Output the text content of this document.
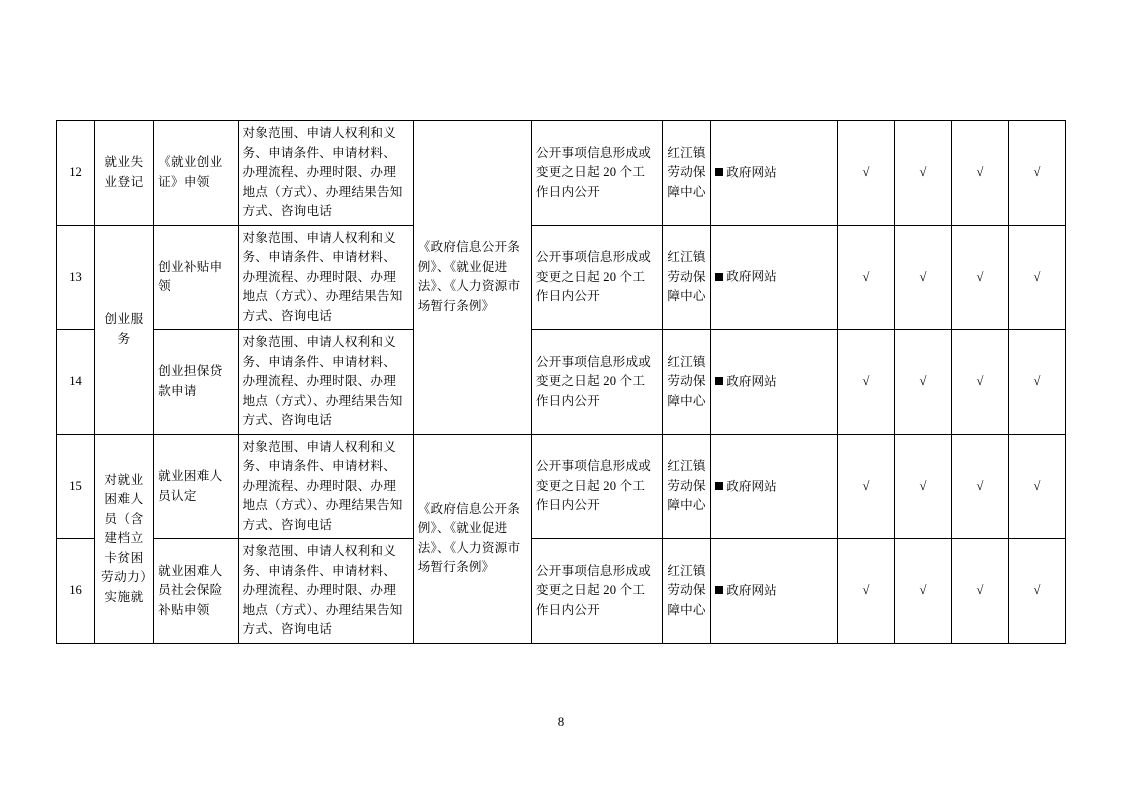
12	就业失业登记	《就业创业证》申领	对象范围、申请人权利和义务、申请条件、申请材料、办理流程、办理时限、办理地点（方式）、办理结果告知方式、咨询电话	《政府信息公开条例》、《就业促进法》、《人力资源市场暂行条例》	公开事项信息形成或变更之日起 20 个工作日内公开	红江镇劳动保障中心	政府网站	√	√	√	√
13	创业服务	创业补贴申领	对象范围、申请人权利和义务、申请条件、申请材料、办理流程、办理时限、办理地点（方式）、办理结果告知方式、咨询电话		公开事项信息形成或变更之日起 20 个工作日内公开	红江镇劳动保障中心	政府网站	√	√	√	√
14		创业担保贷款申请	对象范围、申请人权利和义务、申请条件、申请材料、办理流程、办理时限、办理地点（方式）、办理结果告知方式、咨询电话		公开事项信息形成或变更之日起 20 个工作日内公开	红江镇劳动保障中心	政府网站	√	√	√	√
15	对就业困难人员（含建档立卡贫困劳动力）实施就	就业困难人员认定	对象范围、申请人权利和义务、申请条件、申请材料、办理流程、办理时限、办理地点（方式）、办理结果告知方式、咨询电话	《政府信息公开条例》、《就业促进法》、《人力资源市场暂行条例》	公开事项信息形成或变更之日起 20 个工作日内公开	红江镇劳动保障中心	政府网站	√	√	√	√
16		就业困难人员社会保险补贴申领	对象范围、申请人权利和义务、申请条件、申请材料、办理流程、办理时限、办理地点（方式）、办理结果告知方式、咨询电话		公开事项信息形成或变更之日起 20 个工作日内公开	红江镇劳动保障中心	政府网站	√	√	√	√
8
